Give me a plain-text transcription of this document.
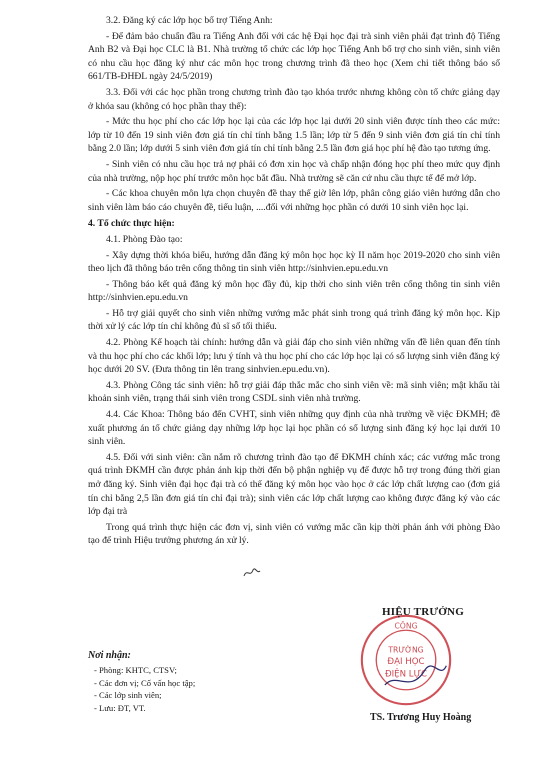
3.2. Đăng ký các lớp học bổ trợ Tiếng Anh:

- Để đảm bảo chuẩn đầu ra Tiếng Anh đối với các hệ Đại học đại trà sinh viên phải đạt trình độ Tiếng Anh B2 và Đại học CLC là B1. Nhà trường tổ chức các lớp học Tiếng Anh bổ trợ cho sinh viên, sinh viên có nhu cầu học đăng ký như các môn học trong chương trình đã theo học (Xem chi tiết thông báo số 661/TB-ĐHĐL ngày 24/5/2019)

3.3. Đối với các học phần trong chương trình đào tạo khóa trước nhưng không còn tổ chức giảng dạy ở khóa sau (không có học phần thay thế):

- Mức thu học phí cho các lớp học lại của các lớp học lại dưới 20 sinh viên được tính theo các mức: lớp từ 10 đến 19 sinh viên đơn giá tín chỉ tính bằng 1.5 lần; lớp từ 5 đến 9 sinh viên đơn giá tín chỉ tính bằng 2.0 lần; lớp dưới 5 sinh viên đơn giá tín chỉ tính bằng 2.5 lần đơn giá học phí hệ đào tạo tương ứng.

- Sinh viên có nhu cầu học trả nợ phải có đơn xin học và chấp nhận đóng học phí theo mức quy định của nhà trường, nộp học phí trước môn học bắt đầu. Nhà trường sẽ căn cứ nhu cầu thực tế để mở lớp.

- Các khoa chuyên môn lựa chọn chuyên đề thay thế giờ lên lớp, phân công giáo viên hướng dẫn cho sinh viên làm báo cáo chuyên đề, tiểu luận, ....đối với những học phần có dưới 10 sinh viên học lại.

4. Tổ chức thực hiện:

4.1. Phòng Đào tạo:

- Xây dựng thời khóa biểu, hướng dẫn đăng ký môn học học kỳ II năm học 2019-2020 cho sinh viên theo lịch đã thông báo trên cổng thông tin sinh viên http://sinhvien.epu.edu.vn

- Thông báo kết quả đăng ký môn học đầy đủ, kịp thời cho sinh viên trên cổng thông tin sinh viên http://sinhvien.epu.edu.vn

- Hỗ trợ giải quyết cho sinh viên những vướng mắc phát sinh trong quá trình đăng ký môn học. Kịp thời xử lý các lớp tín chỉ không đủ sĩ số tối thiểu.

4.2. Phòng Kế hoạch tài chính: hướng dẫn và giải đáp cho sinh viên những vấn đề liên quan đến tính và thu học phí cho các khối lớp; lưu ý tính và thu học phí cho các lớp học lại có số lượng sinh viên đăng ký học dưới 20 SV. (Đưa thông tin lên trang sinhvien.epu.edu.vn).

4.3. Phòng Công tác sinh viên: hỗ trợ giải đáp thắc mắc cho sinh viên về: mã sinh viên; mật khẩu tài khoản sinh viên, trạng thái sinh viên trong CSDL sinh viên nhà trường.

4.4. Các Khoa: Thông báo đến CVHT, sinh viên những quy định của nhà trường về việc ĐKMH; đề xuất phương án tổ chức giảng dạy những lớp học lại học phần có số lượng sinh đăng ký học lại dưới 10 sinh viên.

4.5. Đối với sinh viên: cần nắm rõ chương trình đào tạo để ĐKMH chính xác; các vướng mắc trong quá trình ĐKMH cần được phản ánh kịp thời đến bộ phận nghiệp vụ để được hỗ trợ trong đúng thời gian mở đăng ký. Sinh viên đại học đại trà có thể đăng ký môn học vào học ở các lớp chất lượng cao (đơn giá tín chỉ bằng 2,5 lần đơn giá tín chỉ đại trà); sinh viên các lớp chất lượng cao không được đăng ký vào các lớp đại trà

Trong quá trình thực hiện các đơn vị, sinh viên có vướng mắc cần kịp thời phản ánh với phòng Đào tạo để trình Hiệu trưởng phương án xử lý.

Nơi nhận:
- Phòng: KHTC, CTSV;
- Các đơn vị; Cố vấn học tập;
- Các lớp sinh viên;
- Lưu: ĐT, VT.
CÔNG
TRƯỜNG
ĐẠI HỌC
ĐIỆN LỰC
HIỆU TRƯỞNG
TS. Trương Huy Hoàng
